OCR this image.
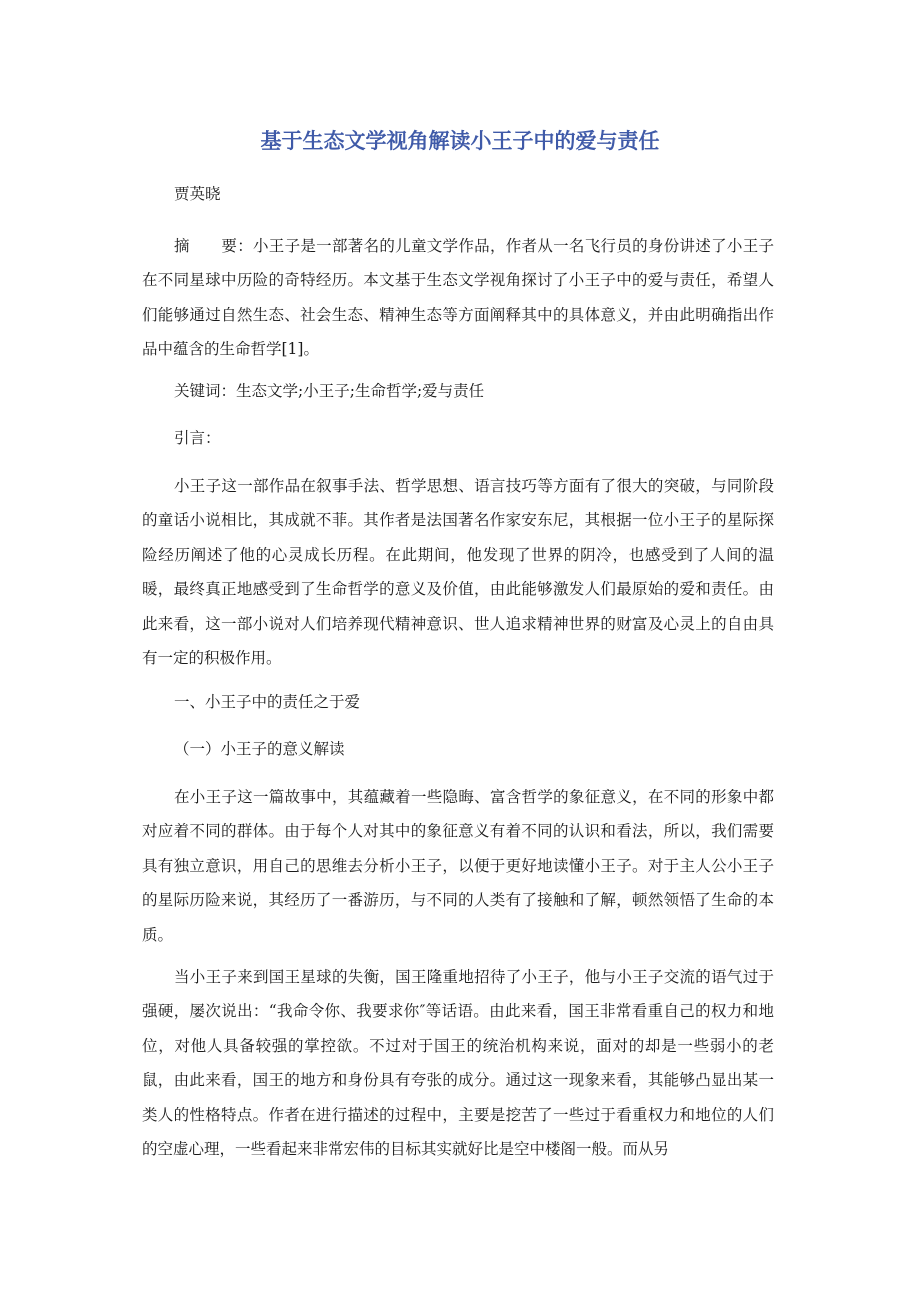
基于生态文学视角解读小王子中的爱与责任

贾英晓

摘　　要：小王子是一部著名的儿童文学作品，作者从一名飞行员的身份讲述了小王子在不同星球中历险的奇特经历。本文基于生态文学视角探讨了小王子中的爱与责任，希望人们能够通过自然生态、社会生态、精神生态等方面阐释其中的具体意义，并由此明确指出作品中蕴含的生命哲学[1]。

关键词：生态文学;小王子;生命哲学;爱与责任

引言：

小王子这一部作品在叙事手法、哲学思想、语言技巧等方面有了很大的突破，与同阶段的童话小说相比，其成就不菲。其作者是法国著名作家安东尼，其根据一位小王子的星际探险经历阐述了他的心灵成长历程。在此期间，他发现了世界的阴冷，也感受到了人间的温暖，最终真正地感受到了生命哲学的意义及价值，由此能够激发人们最原始的爱和责任。由此来看，这一部小说对人们培养现代精神意识、世人追求精神世界的财富及心灵上的自由具有一定的积极作用。

一、小王子中的责任之于爱

（一）小王子的意义解读

在小王子这一篇故事中，其蕴藏着一些隐晦、富含哲学的象征意义，在不同的形象中都对应着不同的群体。由于每个人对其中的象征意义有着不同的认识和看法，所以，我们需要具有独立意识，用自己的思维去分析小王子，以便于更好地读懂小王子。对于主人公小王子的星际历险来说，其经历了一番游历，与不同的人类有了接触和了解，顿然领悟了生命的本质。

当小王子来到国王星球的失衡，国王隆重地招待了小王子，他与小王子交流的语气过于强硬，屡次说出：“我命令你、我要求你″等话语。由此来看，国王非常看重自己的权力和地位，对他人具备较强的掌控欲。不过对于国王的统治机构来说，面对的却是一些弱小的老鼠，由此来看，国王的地方和身份具有夸张的成分。通过这一现象来看，其能够凸显出某一类人的性格特点。作者在进行描述的过程中，主要是挖苦了一些过于看重权力和地位的人们的空虚心理，一些看起来非常宏伟的目标其实就好比是空中楼阁一般。而从另
